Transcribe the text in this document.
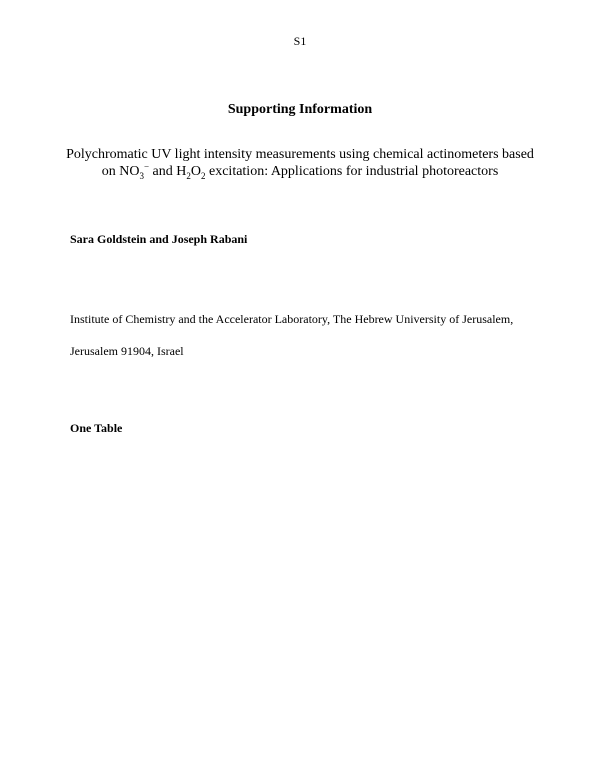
S1
Supporting Information
Polychromatic UV light intensity measurements using chemical actinometers based
on $NO_3^-$ and $H_2O_2$ excitation: Applications for industrial photoreactors
Sara Goldstein and Joseph Rabani
Institute of Chemistry and the Accelerator Laboratory, The Hebrew University of Jerusalem,
Jerusalem 91904, Israel
One Table
